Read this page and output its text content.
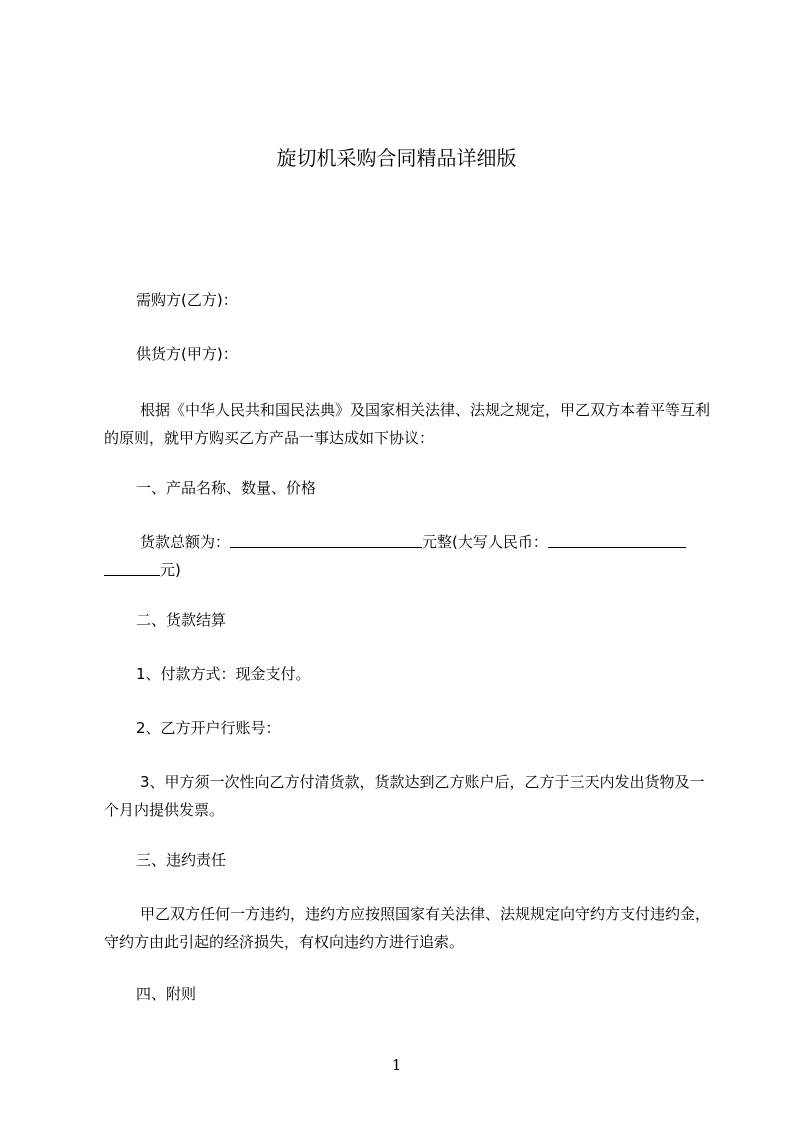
旋切机采购合同精品详细版

需购方(乙方)：

供货方(甲方)：

根据《中华人民共和国民法典》及国家相关法律、法规之规定，甲乙双方本着平等互利的原则，就甲方购买乙方产品一事达成如下协议：

一、产品名称、数量、价格

货款总额为：	元整(大写人民币：
元)

二、货款结算

1、付款方式：现金支付。

2、乙方开户行账号：

3、甲方须一次性向乙方付清货款，货款达到乙方账户后，乙方于三天内发出货物及一个月内提供发票。

三、违约责任

甲乙双方任何一方违约，违约方应按照国家有关法律、法规规定向守约方支付违约金，守约方由此引起的经济损失，有权向违约方进行追索。

四、附则

1
